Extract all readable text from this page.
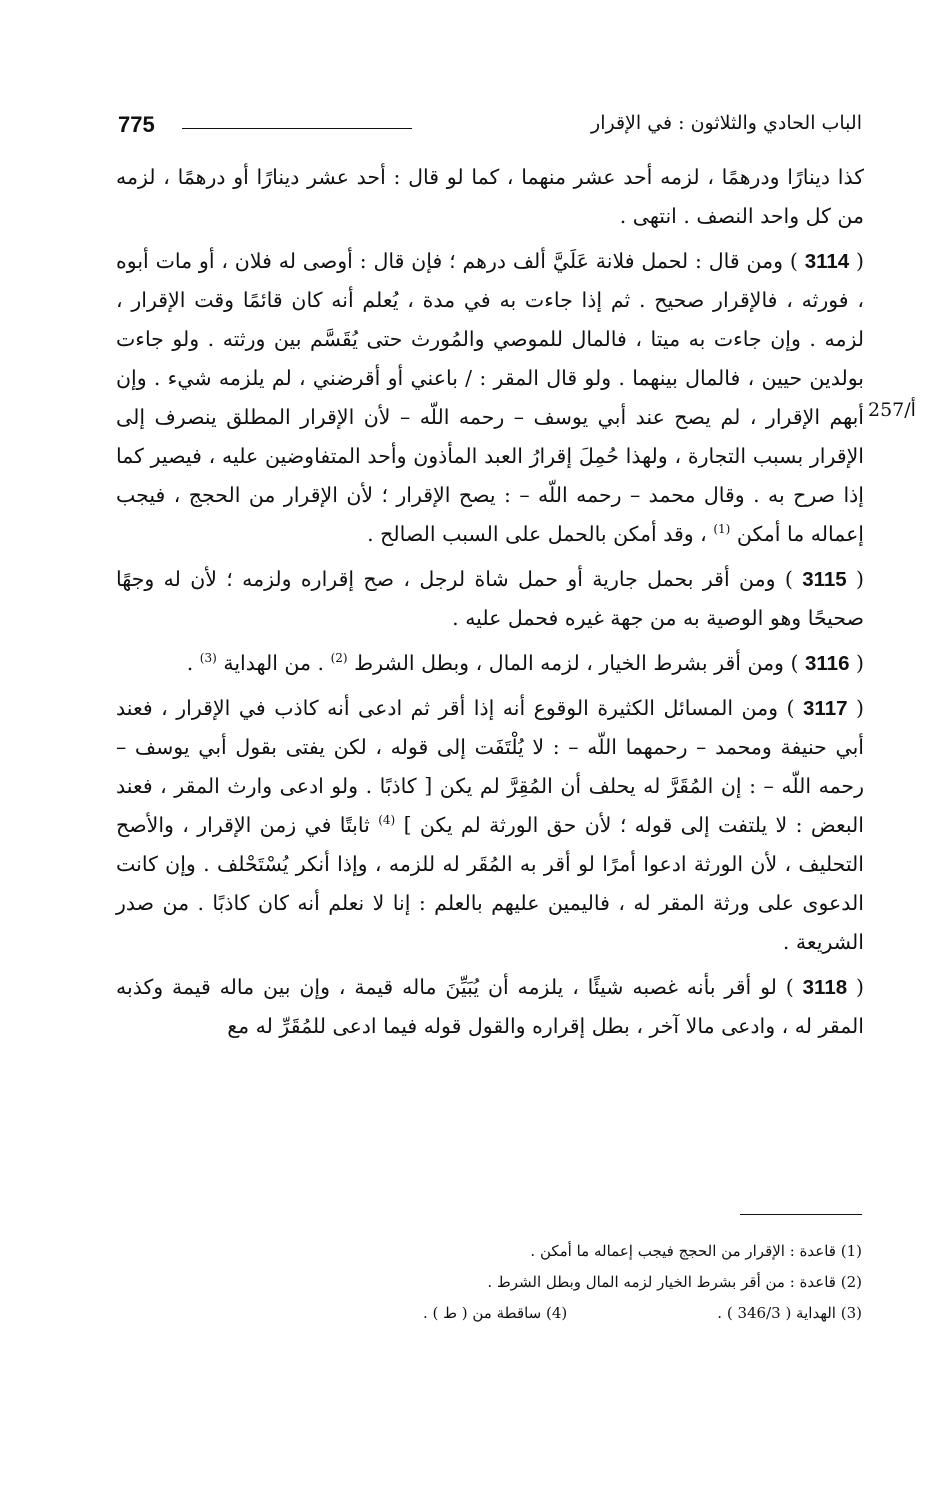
775	الباب الحادي والثلاثون : في الإقرار
257/أ

كذا دينارًا ودرهمًا ، لزمه أحد عشر منهما ، كما لو قال : أحد عشر دينارًا أو درهمًا ، لزمه من كل واحد النصف . انتهى .

( 3114 ) ومن قال : لحمل فلانة عَلَيَّ ألف درهم ؛ فإن قال : أوصى له فلان ، أو مات أبوه ، فورثه ، فالإقرار صحيح . ثم إذا جاءت به في مدة ، يُعلم أنه كان قائمًا وقت الإقرار ، لزمه . وإن جاءت به ميتا ، فالمال للموصي والمُورث حتى يُقَسَّم بين ورثته . ولو جاءت بولدين حيين ، فالمال بينهما . ولو قال المقر : / باعني أو أقرضني ، لم يلزمه شيء . وإن أبهم الإقرار ، لم يصح عند أبي يوسف – رحمه اللّه – لأن الإقرار المطلق ينصرف إلى الإقرار بسبب التجارة ، ولهذا حُمِلَ إقرارُ العبد المأذون وأحد المتفاوضين عليه ، فيصير كما إذا صرح به . وقال محمد – رحمه اللّه – : يصح الإقرار ؛ لأن الإقرار من الحجج ، فيجب إعماله ما أمكن $^{(1)}$ ، وقد أمكن بالحمل على السبب الصالح .

( 3115 ) ومن أقر بحمل جارية أو حمل شاة لرجل ، صح إقراره ولزمه ؛ لأن له وجهًا صحيحًا وهو الوصية به من جهة غيره فحمل عليه .

( 3116 ) ومن أقر بشرط الخيار ، لزمه المال ، وبطل الشرط $^{(2)}$ . من الهداية $^{(3)}$ .

( 3117 ) ومن المسائل الكثيرة الوقوع أنه إذا أقر ثم ادعى أنه كاذب في الإقرار ، فعند أبي حنيفة ومحمد – رحمهما اللّه – : لا يُلْتَفَت إلى قوله ، لكن يفتى بقول أبي يوسف – رحمه اللّه – : إن المُقَرَّ له يحلف أن المُقِرَّ لم يكن [ كاذبًا . ولو ادعى وارث المقر ، فعند البعض : لا يلتفت إلى قوله ؛ لأن حق الورثة لم يكن ] $^{(4)}$ ثابتًا في زمن الإقرار ، والأصح التحليف ، لأن الورثة ادعوا أمرًا لو أقر به المُقَر له للزمه ، وإذا أنكر يُسْتَحْلف . وإن كانت الدعوى على ورثة المقر له ، فاليمين عليهم بالعلم : إنا لا نعلم أنه كان كاذبًا . من صدر الشريعة .

( 3118 ) لو أقر بأنه غصبه شيئًا ، يلزمه أن يُبَيِّنَ ماله قيمة ، وإن بين ماله قيمة وكذبه المقر له ، وادعى مالا آخر ، بطل إقراره والقول قوله فيما ادعى للمُقَرِّ له مع

(1) قاعدة : الإقرار من الحجج فيجب إعماله ما أمكن .
(2) قاعدة : من أقر بشرط الخيار لزمه المال وبطل الشرط .
(3) الهداية ( 346/3 ) .
(4) ساقطة من ( ط ) .
